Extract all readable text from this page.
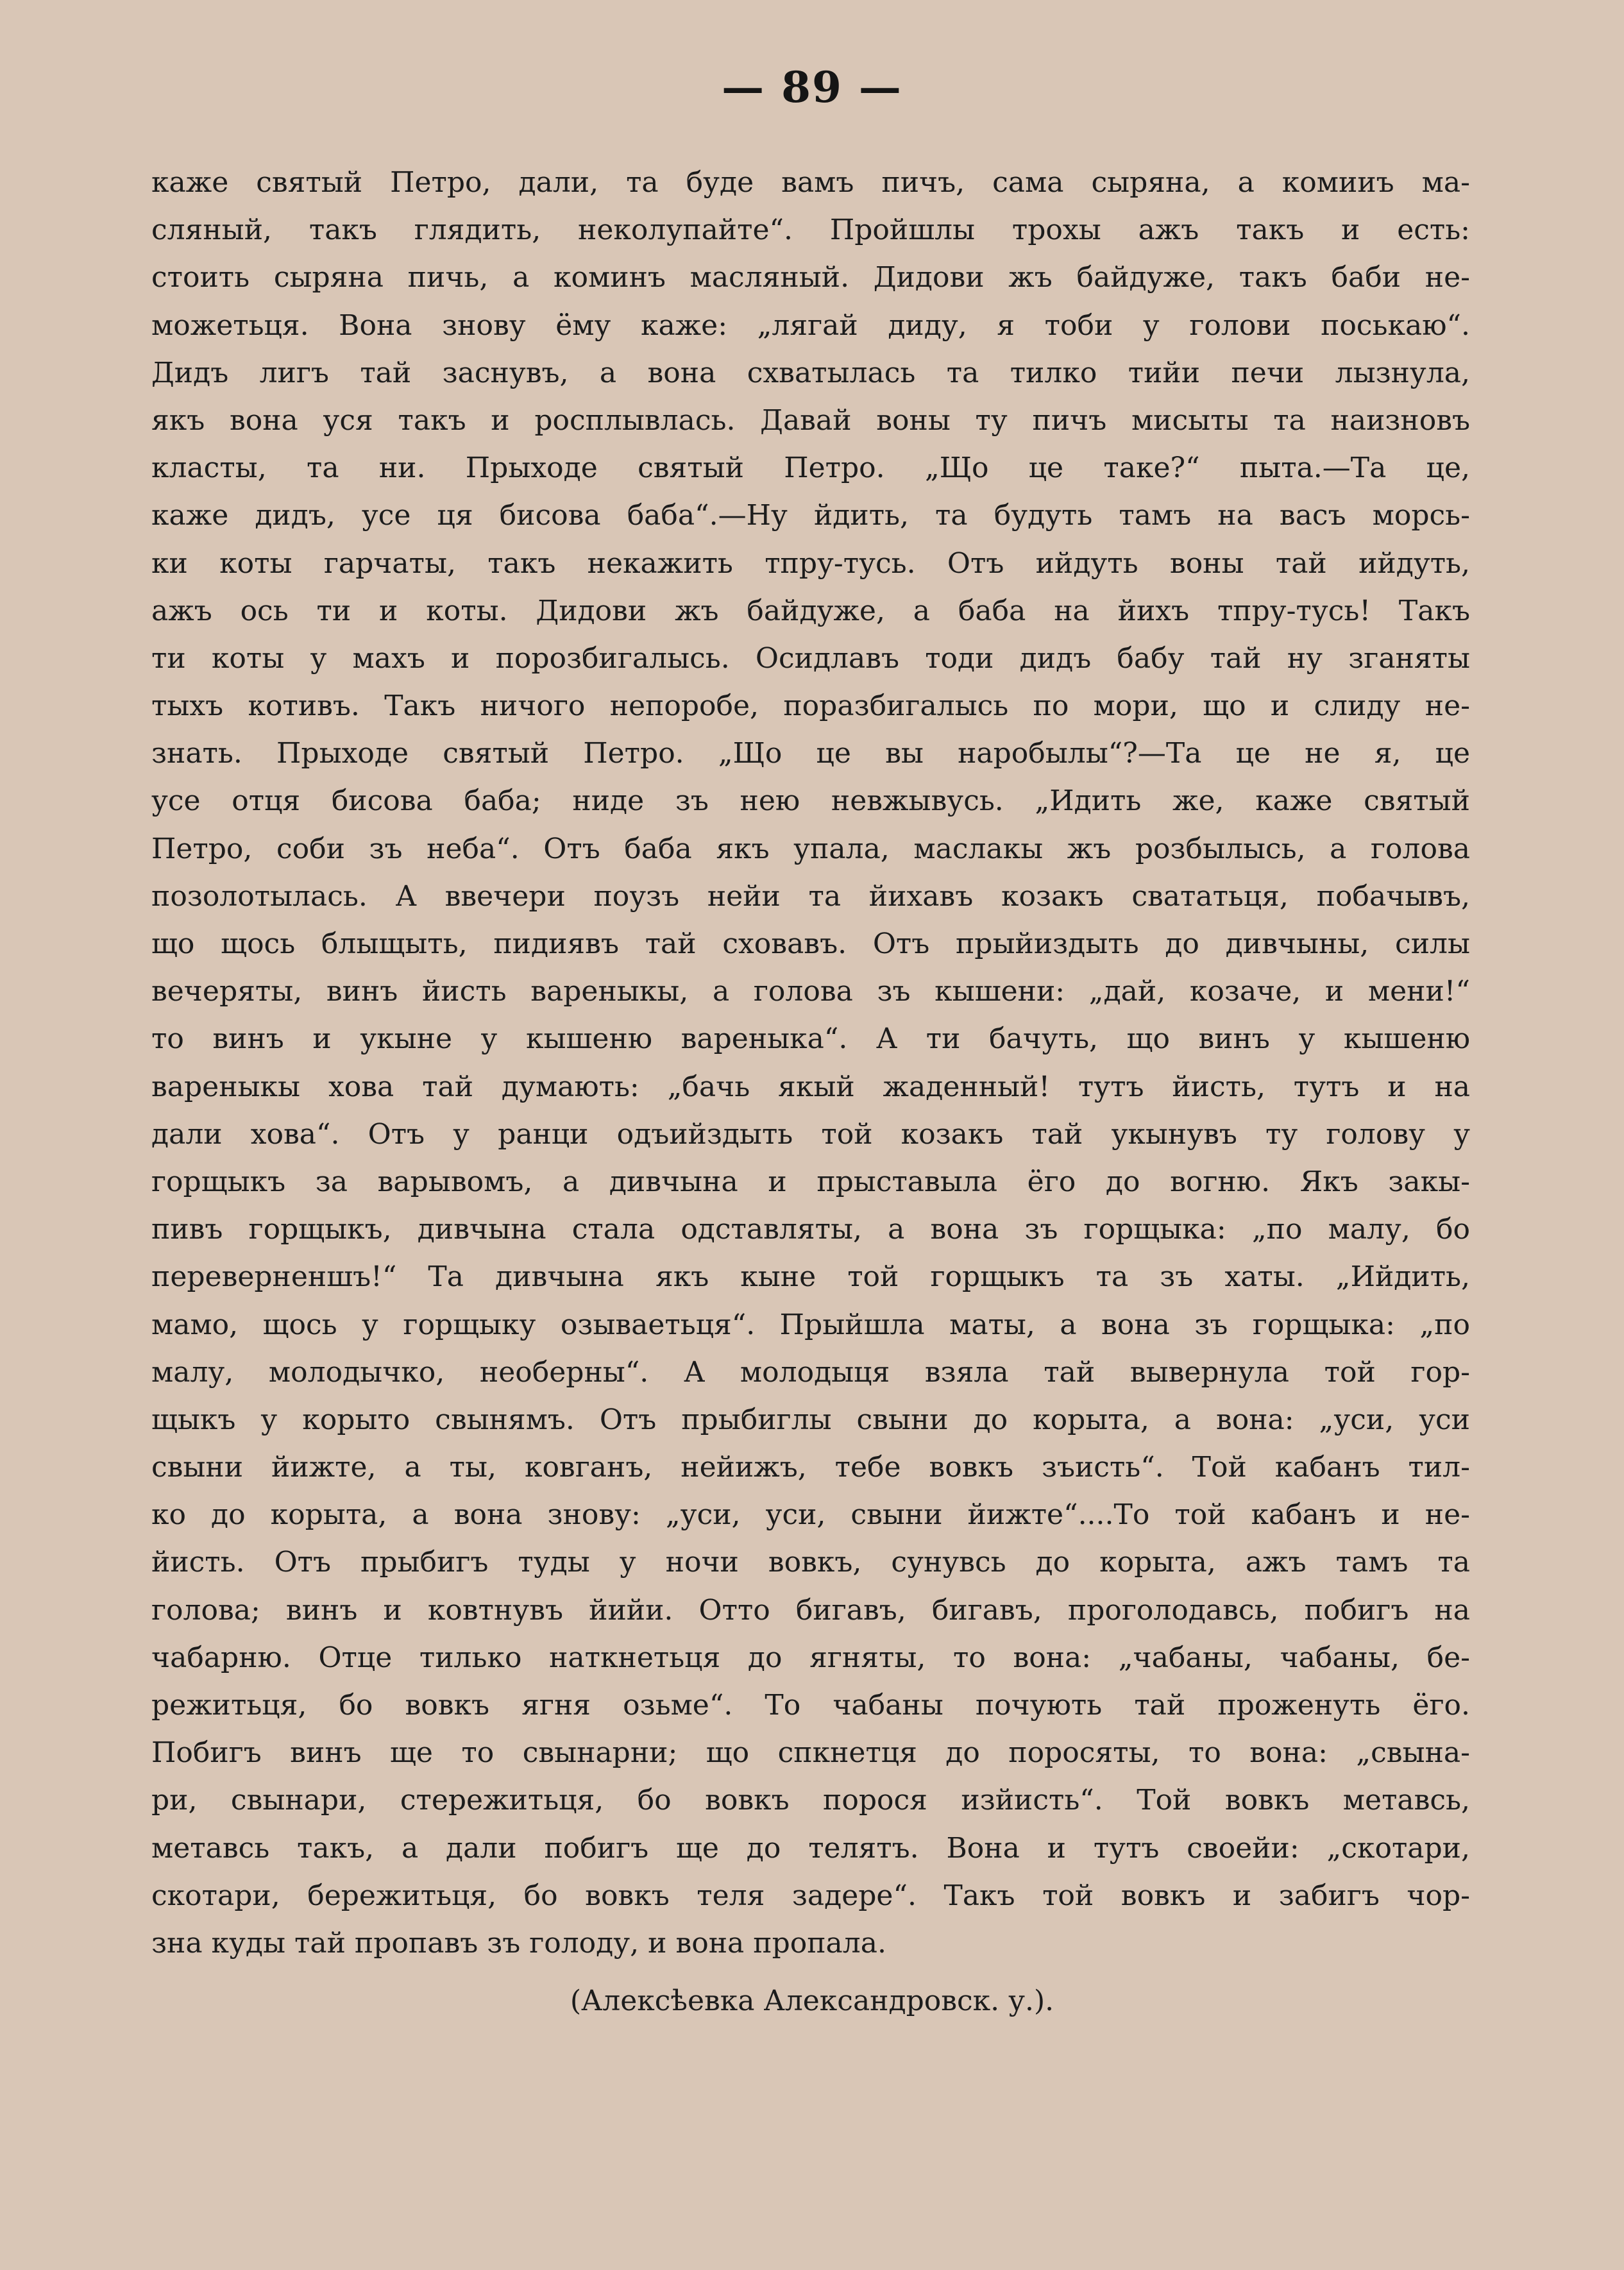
— 89 —
каже святый Петро, дали, та буде вамъ пичъ, сама сыряна, а комииъ ма-
сляный, такъ глядить, неколупайте“. Пройшлы трохы ажъ такъ и есть:
стоить сыряна пичь, а коминъ масляный. Дидови жъ байдуже, такъ баби не-
можетьця. Вона знову ёму каже: „лягай диду, я тоби у голови поськаю“.
Дидъ лигъ тай заснувъ, а вона схватылась та тилко тийи печи лызнула,
якъ вона уся такъ и росплывлась. Давай воны ту пичъ мисыты та наизновъ
класты, та ни. Прыходе святый Петро. „Що це таке?“ пыта.—Та це,
каже дидъ, усе ця бисова баба“.—Ну йдить, та будуть тамъ на васъ морсь-
ки коты гарчаты, такъ некажить тпру-тусь. Отъ ийдуть воны тай ийдуть,
ажъ ось ти и коты. Дидови жъ байдуже, а баба на йихъ тпру-тусь! Такъ
ти коты у махъ и порозбигалысь. Осидлавъ тоди дидъ бабу тай ну зганяты
тыхъ котивъ. Такъ ничого непоробе, поразбигалысь по мори, що и слиду не-
знать. Прыходе святый Петро. „Що це вы наробылы“?—Та це не я, це
усе отця бисова баба; ниде зъ нею невжывусь. „Идить же, каже святый
Петро, соби зъ неба“. Отъ баба якъ упала, маслакы жъ розбылысь, а голова
позолотылась. А ввечери поузъ нейи та йихавъ козакъ свататьця, побачывъ,
що щось блыщыть, пидиявъ тай сховавъ. Отъ прыйиздыть до дивчыны, силы
вечеряты, винъ йисть вареныкы, а голова зъ кышени: „дай, козаче, и мени!“
то винъ и укыне у кышеню вареныка“. А ти бачуть, що винъ у кышеню
вареныкы хова тай думають: „бачь якый жаденный! тутъ йисть, тутъ и на
дали хова“. Отъ у ранци одъийздыть той козакъ тай укынувъ ту голову у
горщыкъ за варывомъ, а дивчына и прыставыла ёго до вогню. Якъ закы-
пивъ горщыкъ, дивчына стала одставляты, а вона зъ горщыка: „по малу, бо
переверненшъ!“ Та дивчына якъ кыне той горщыкъ та зъ хаты. „Ийдить,
мамо, щось у горщыку озываетьця“. Прыйшла маты, а вона зъ горщыка: „по
малу, молодычко, необерны“. А молодыця взяла тай вывернула той гор-
щыкъ у корыто свынямъ. Отъ прыбиглы свыни до корыта, а вона: „уси, уси
свыни йижте, а ты, ковганъ, нейижъ, тебе вовкъ зъисть“. Той кабанъ тил-
ко до корыта, а вона знову: „уси, уси, свыни йижте“....То той кабанъ и не-
йисть. Отъ прыбигъ туды у ночи вовкъ, сунувсь до корыта, ажъ тамъ та
голова; винъ и ковтнувъ йийи. Отто бигавъ, бигавъ, проголодавсь, побигъ на
чабарню. Отце тилько наткнетьця до ягняты, то вона: „чабаны, чабаны, бе-
режитьця, бо вовкъ ягня озьме“. То чабаны почують тай проженуть ёго.
Побигъ винъ ще то свынарни; що спкнетця до поросяты, то вона: „свына-
ри, свынари, стережитьця, бо вовкъ порося изйисть“. Той вовкъ метавсь,
метавсь такъ, а дали побигъ ще до телятъ. Вона и тутъ своейи: „скотари,
скотари, бережитьця, бо вовкъ теля задере“. Такъ той вовкъ и забигъ чор-
зна куды тай пропавъ зъ голоду, и вона пропала.
(Алексѣевка Александровск. у.).
